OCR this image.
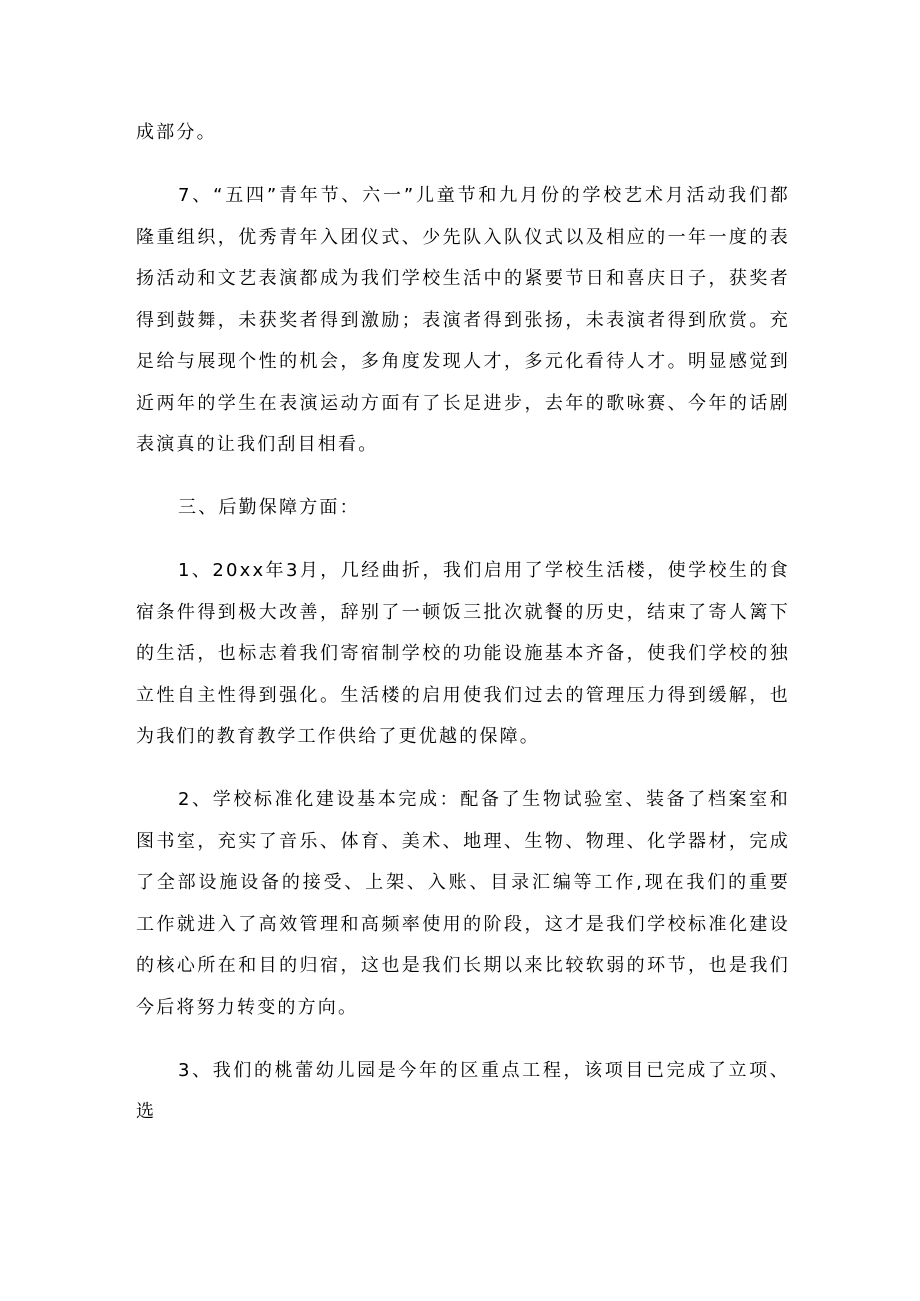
成部分。

7、“五四”青年节、六一”儿童节和九月份的学校艺术月活动我们都隆重组织，优秀青年入团仪式、少先队入队仪式以及相应的一年一度的表扬活动和文艺表演都成为我们学校生活中的紧要节日和喜庆日子，获奖者得到鼓舞，未获奖者得到激励；表演者得到张扬，未表演者得到欣赏。充足给与展现个性的机会，多角度发现人才，多元化看待人才。明显感觉到近两年的学生在表演运动方面有了长足进步，去年的歌咏赛、今年的话剧表演真的让我们刮目相看。

三、后勤保障方面：

1、20xx年3月，几经曲折，我们启用了学校生活楼，使学校生的食宿条件得到极大改善，辞别了一顿饭三批次就餐的历史，结束了寄人篱下的生活，也标志着我们寄宿制学校的功能设施基本齐备，使我们学校的独立性自主性得到强化。生活楼的启用使我们过去的管理压力得到缓解，也为我们的教育教学工作供给了更优越的保障。

2、学校标准化建设基本完成：配备了生物试验室、装备了档案室和图书室，充实了音乐、体育、美术、地理、生物、物理、化学器材，完成了全部设施设备的接受、上架、入账、目录汇编等工作,现在我们的重要工作就进入了高效管理和高频率使用的阶段，这才是我们学校标准化建设的核心所在和目的归宿，这也是我们长期以来比较软弱的环节，也是我们今后将努力转变的方向。

3、我们的桃蕾幼儿园是今年的区重点工程，该项目已完成了立项、选
